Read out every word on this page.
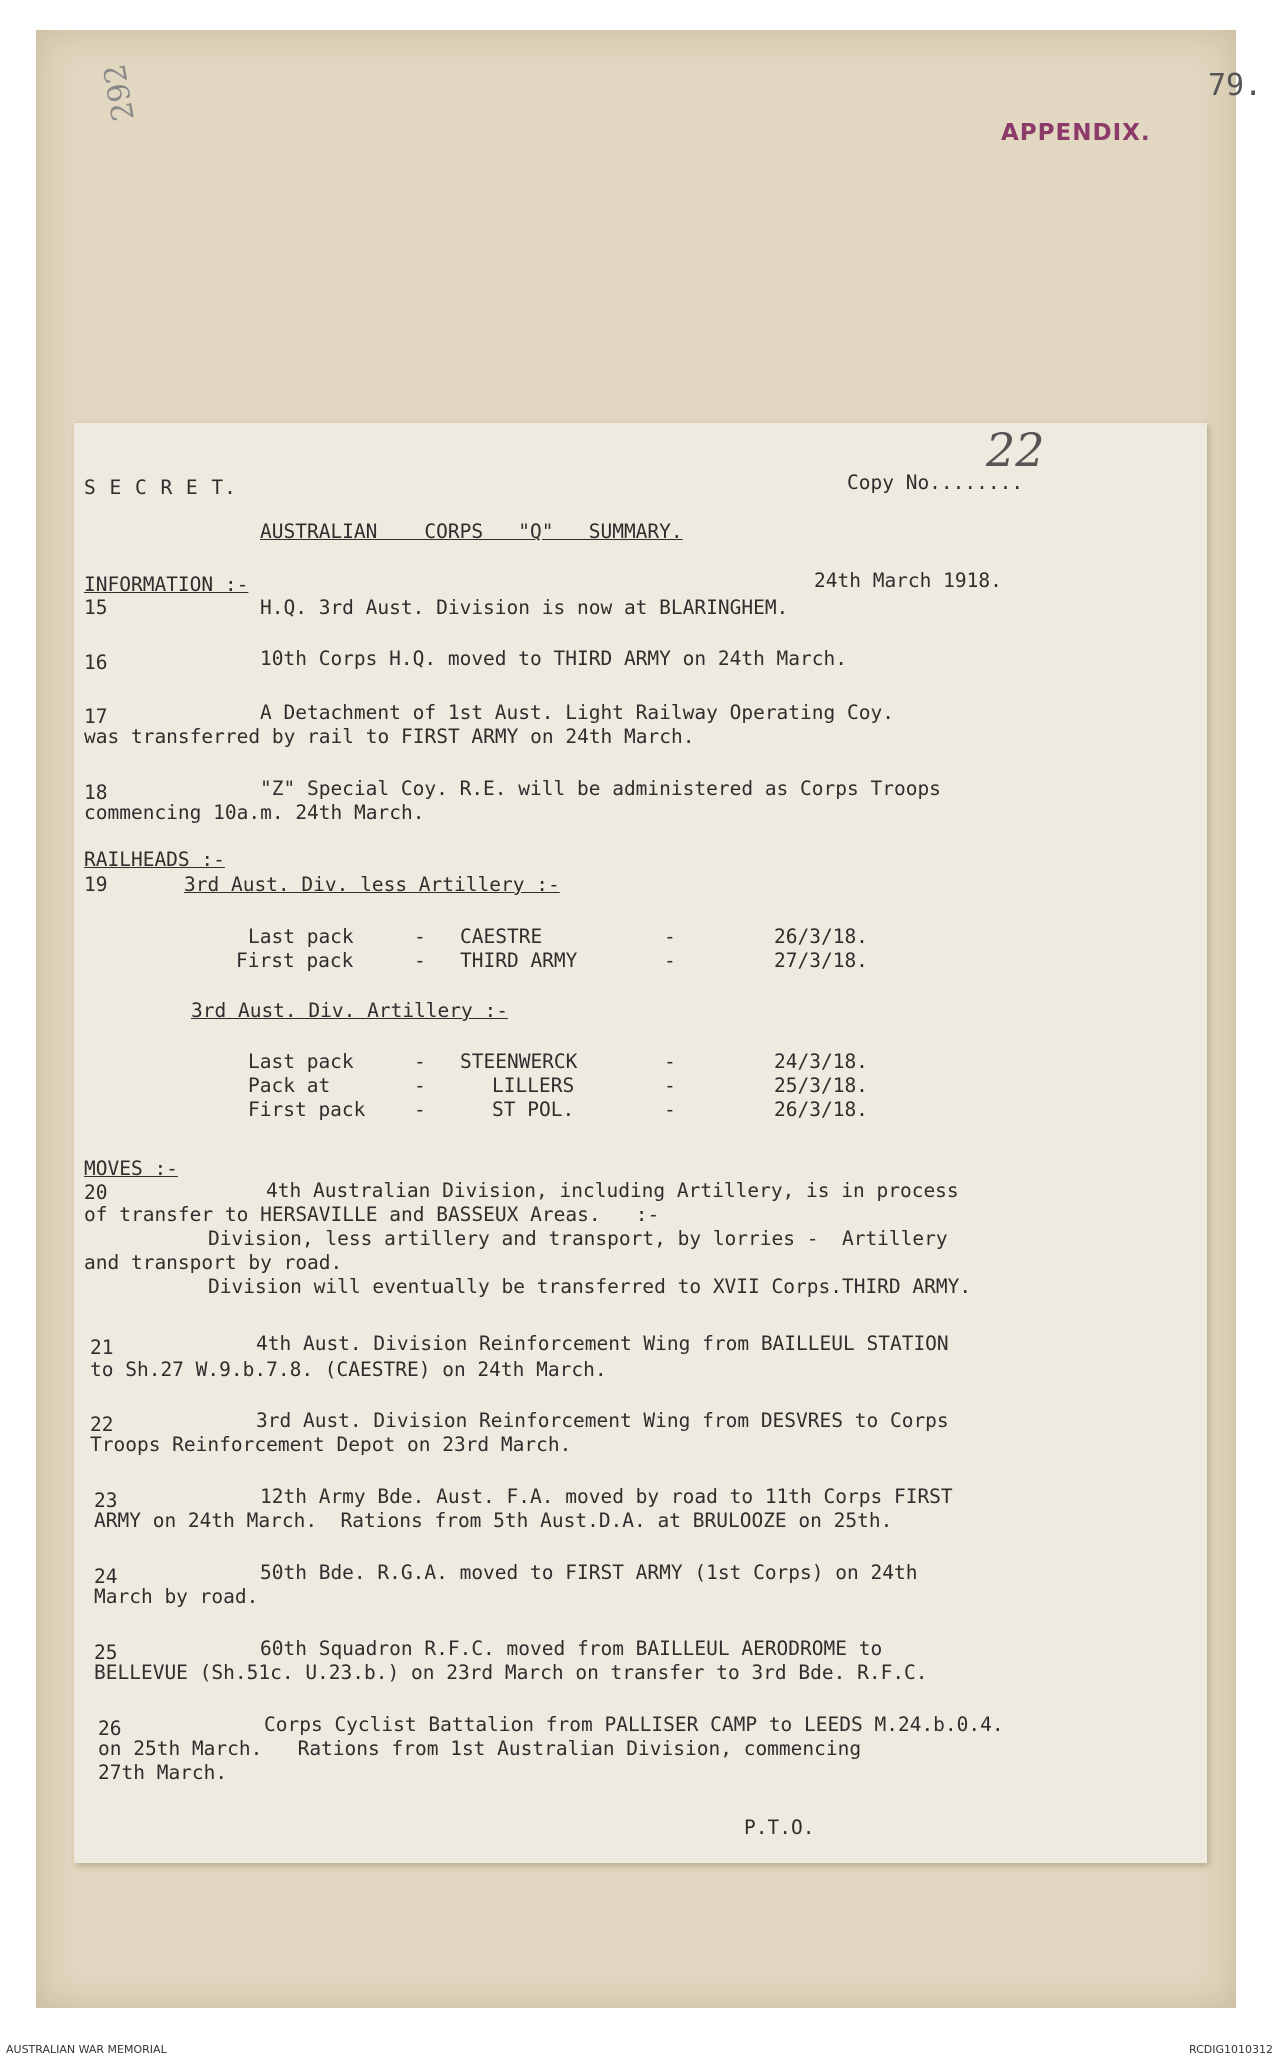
292	79.
APPENDIX.
S E C R E T.	Copy No........
22
AUSTRALIAN    CORPS   "Q"   SUMMARY.
INFORMATION :-	24th March 1918.
15	H.Q. 3rd Aust. Division is now at BLARINGHEM.
16	10th Corps H.Q. moved to THIRD ARMY on 24th March.
17	A Detachment of 1st Aust. Light Railway Operating Coy.
was transferred by rail to FIRST ARMY on 24th March.
18	"Z" Special Coy. R.E. will be administered as Corps Troops
commencing 10a.m. 24th March.
RAILHEADS :-
19	3rd Aust. Div. less Artillery :-
Last pack	- CAESTRE	-	26/3/18.
First pack	- THIRD ARMY	-	27/3/18.
3rd Aust. Div. Artillery :-
Last pack	- STEENWERCK	-	24/3/18.
Pack at	-	LILLERS	-	25/3/18.
First pack -	ST POL.	-	26/3/18.
MOVES :-
20	4th Australian Division, including Artillery, is in process
of transfer to HERSAVILLE and BASSEUX Areas.   :-
Division, less artillery and transport, by lorries -  Artillery
and transport by road.
Division will eventually be transferred to XVII Corps.THIRD ARMY.
21	4th Aust. Division Reinforcement Wing from BAILLEUL STATION
to Sh.27 W.9.b.7.8. (CAESTRE) on 24th March.
22	3rd Aust. Division Reinforcement Wing from DESVRES to Corps
Troops Reinforcement Depot on 23rd March.
23	12th Army Bde. Aust. F.A. moved by road to 11th Corps FIRST
ARMY on 24th March.  Rations from 5th Aust.D.A. at BRULOOZE on 25th.
24	50th Bde. R.G.A. moved to FIRST ARMY (1st Corps) on 24th
March by road.
25	60th Squadron R.F.C. moved from BAILLEUL AERODROME to
BELLEVUE (Sh.51c. U.23.b.) on 23rd March on transfer to 3rd Bde. R.F.C.
26	Corps Cyclist Battalion from PALLISER CAMP to LEEDS M.24.b.0.4.
on 25th March.   Rations from 1st Australian Division, commencing
27th March.
P.T.O.
AUSTRALIAN WAR MEMORIAL	RCDIG1010312
